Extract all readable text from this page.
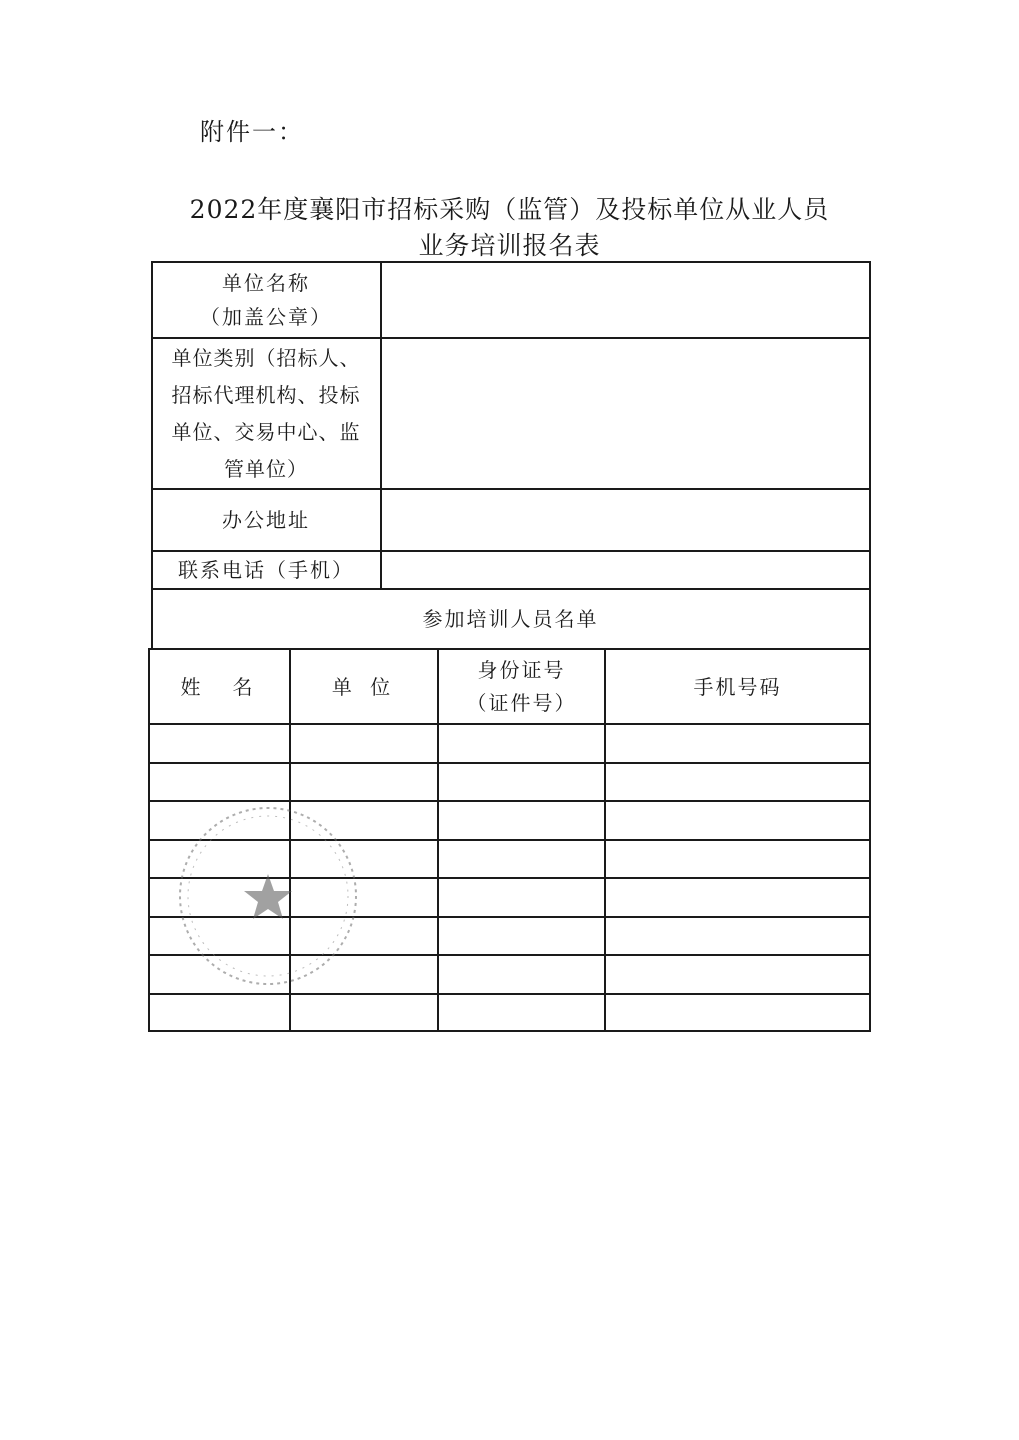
附件一：
2022年度襄阳市招标采购（监管）及投标单位从业人员
业务培训报名表
单位名称
（加盖公章）
单位类别（招标人、
招标代理机构、投标
单位、交易中心、监
管单位）
办公地址
联系电话（手机）
参加培训人员名单
姓　名	单 位
身份证号
（证件号）
手机号码
